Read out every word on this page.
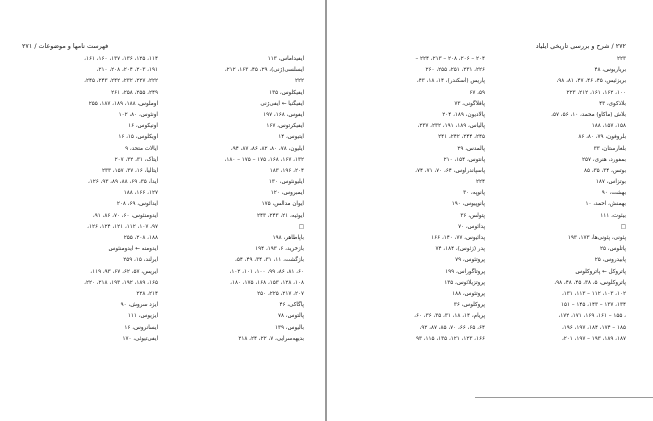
فهرست نامها و موضوعات / ۲۷۱
ایفیداماس، ۱۱۳
ایسلسی(ژنی)، ۲۹، ۴۵، ۱۶۳، ۲۱۲،
۲۲۲
ایفیکلوس، ۱۳۵
ایفیگنیا ← ایفی‌ژنی
ایفوس، ۱۶۸، ۱۹۷
ایفیکرتوس، ۱۶۷
ایتیوس، ۱۴
ایلیون، ۷۸، ۸۰، ۸۲، ۸۶، ۸۷، ۹۴،
۱۳۲، ۱۶۷، ۱۶۸، ۱۷۵ – ۱۷۵ – ۱۸۰،
۲۰۴، ۱۹۶، ۱۸۳
ایلیونئوس، ۱۳۰
ایمبروس، ۱۲۰
ایوان مدالس، ۱۷۵
ایوئیه، ۲۱، ۲۴۳، ۲۴۳
□
باپاطاهر، ۱۹۸
بازخرید، ۶، ۱۹۳، ۱۹۴
بازگشت، ۱۱، ۳۱، ۳۴، ۴۹، ۵۴،
۶۰، ۸۱، ۸۶، ۹۹، ۱۰۰، ۱۰۱، ۱۰۲،
۱۰۸، ۱۲۸، ۱۵۳، ۱۶۸، ۱۷۵، ۱۸۰،
۲۰۷، ۲۱۷، ۲۲۵، ۲۵۰
پاگاکی، ۴۶
پالتوس، ۷۸
بالیوس، ۱۳۹
بدیهه‌سرایی، ۷، ۲۲، ۲۴، ۲۱۸
۱۱۴، ۱۲۵، ۱۳۶، ۱۳۷، ۱۶۰، ۱۶۱،
۱۹۱، ۲۰۳، ۲۰۴، ۲۰۸، ۲۱۰،
۲۲۲، ۲۲۷، ۲۳۲، ۲۴۲، ۲۴۳، ۲۴۵،
۲۴۹، ۲۵۵، ۲۵۸، ۲۶۱
اوملوس، ۱۸۸، ۱۸۹، ۱۸۷، ۲۵۵
اونئوس، ۸۰، ۱۰۲
اونیکوس، ۱۶
اویکلوس، ۱۵، ۱۶
ایالات متحد، ۹
ایتاک، ۳۱، ۳۲، ۲۰۷
ایتالیا، ۱۶، ۳۷، ۱۵۷، ۲۳۳
ایدا، ۳۵، ۶۹، ۸۸، ۸۹، ۹۳، ۱۲۶،
۱۲۷، ۱۶۶، ۱۸۸
ایدائوس، ۶۹، ۲۰۸
ایدومنئوس، ۶۰، ۷۰، ۸۶، ۹۱،
۹۷، ۱۰۷، ۱۱۲، ۱۲۱، ۱۲۴، ۱۲۶،
۱۸۸، ۲۰۸، ۲۵۵
ایدومنه ← ایدومنئوس
ایرلند، ۱۵، ۲۵۹
ایریس، ۵۷، ۶۲، ۶۷، ۹۳، ۱۱۹،
۱۶۵، ۱۸۹، ۱۹۲، ۱۹۳، ۲۱۸، ۲۲۰،
۲۱۴، ۲۲۸
ایزد سروش، ۹۰
ایزیوس، ۱۱۱
ایسانروس، ۱۶
ایفی‌تیوئی، ۱۷۰
۲۷۲ / شرح و بررسی تاریخی ایلیاد
۲۲۳
بریاریوس، ۴۸
بریزئیس، ۴۵، ۴۶، ۴۷، ۸۱، ۹۸،
۱۰۰، ۱۶۲، ۱۶۱، ۲۱۲، ۲۲۳
بلاذکوی، ۴۳
بلاش (ماکاو) محمد، ۱۰، ۵۶، ۵۷،
۱۵۸، ۱۵۷، ۱۸۸
بلروفون، ۷۹، ۸۰، ۸۶
بلغارستان، ۳۳
بمفورد، هنری، ۲۵۷
بوتس، ۳۴، ۳۵، ۸۵
بوتزاس، ۱۸۷
بهشت، ۹۰
بهمنش، احمد، ۱۰
بیئوت، ۱۱۱
□
پئونی، پئونی‌ها، ۱۷۳، ۱۹۳
پاتلوس، ۲۵
پابیدروس، ۲۵
پاتروکل ← پاتروکلوس
پاتروکلوس، ۵، ۳۸، ۴۵، ۴۸، ۹۸،
۱۰۲، ۱۰۳، ۱۱۲ – ۱۱۳، ۱۳۱،
۱۳۴، ۱۳۷ – ۱۴۳، ۱۴۵ – ۱۵۱
، ۱۵۵ – ۱۶۱، ۱۶۹، ۱۷۱، ۱۷۲،
۱۸۵ – ۱۷۴، ۱۸۴، ۱۹۷، ۱۹۶،
۱۸۷، ۱۸۹، ۱۹۳ – ۱۹۷، ۲۰۱،
۲۰۴ – ۲۰۶، ۲۰۸ – ۲۱۳، ۲۲۴ –
۲۲۶، ۲۳۱، ۲۵۱، ۲۵۵، ۲۶۰
پاریس (اسکندر)، ۱۴، ۱۸، ۴۳،
۵۹، ۶۷
پافلاگونی، ۷۳
پالادیون، ۱۸۹، ۲۰۴
پالیاس، ۱۸۹، ۱۹۱، ۲۳۲، ۲۳۷،
۲۴۵، ۲۴۴، ۲۴۲، ۲۴۱
پالمدس، ۲۹
پانتوس، ۱۵۴، ۲۱۰
پاسپاندراوس، ۶۴، ۷۰، ۷۱، ۷۴،
۲۲۴
پانوپه، ۳۰
پانوپیوس، ۱۹۰
پتولس، ۳۶
پدائوس، ۷۰
پدائیوس، ۷۷، ۱۴۰، ۱۶۶
پدر (زئوس)، ۱۸۴، ۷۴
پروتئوس، ۷۹
پروتاگوراس، ۱۹۹
پروتزیلائوس، ۱۳۵
پروتئوس، ۱۸۸
پروکلوس، ۳۶
پریام، ۱۴، ۱۸، ۳۱، ۳۵، ۳۶، ۶۰،
۶۴، ۶۵، ۶۶، ۷۰، ۸۵، ۸۷، ۹۲،
۱۶۶، ۱۲۳، ۱۲۱، ۱۳۵، ۱۱۵، ۹۳
